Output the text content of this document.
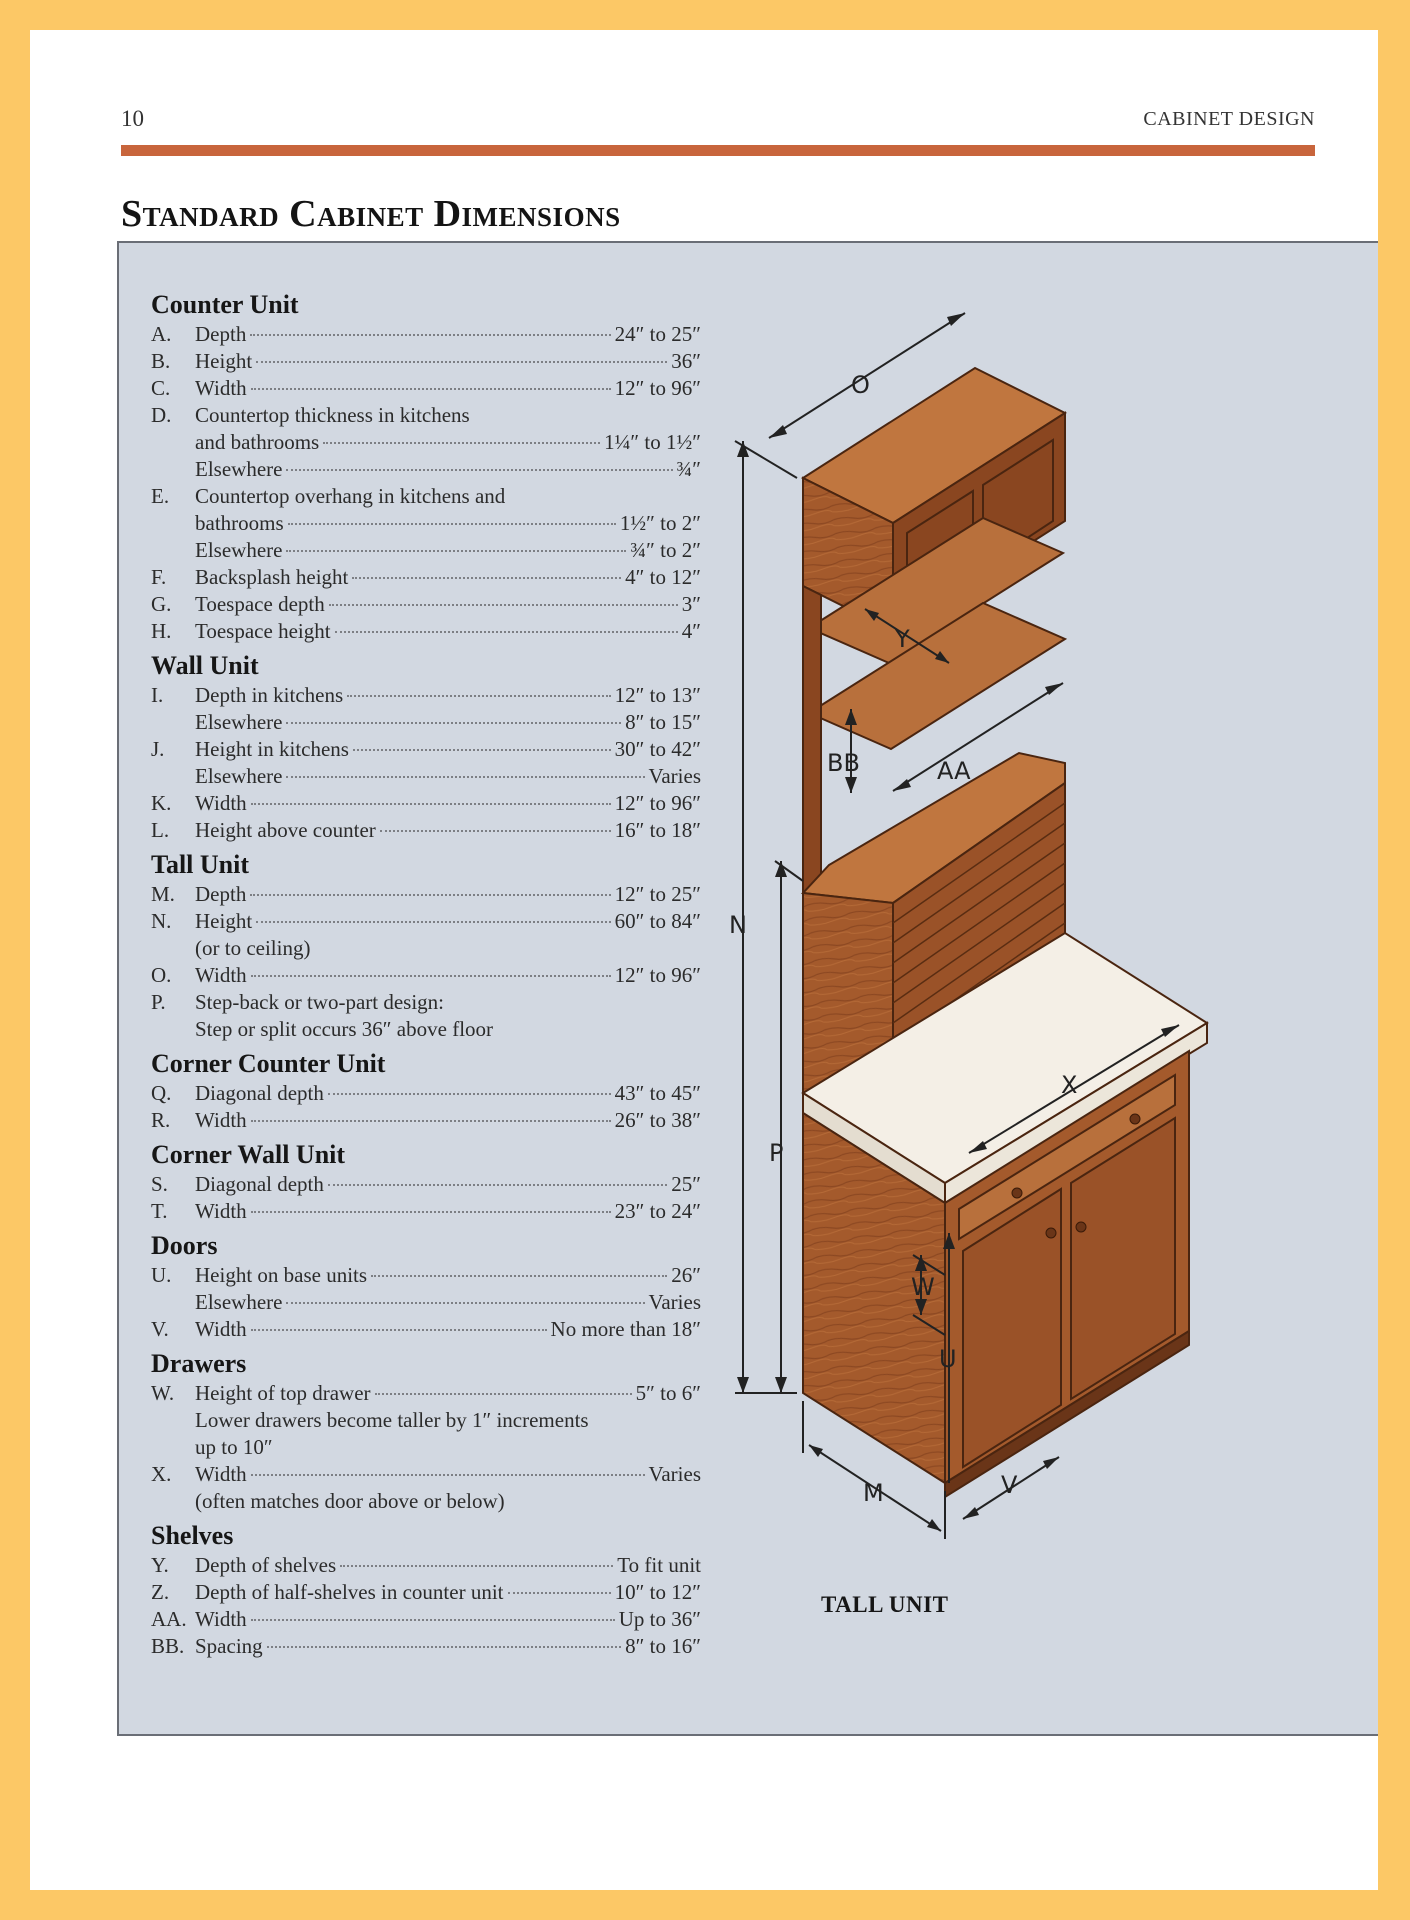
10	CABINET DESIGN
Standard Cabinet Dimensions
Counter Unit
A.	Depth	24″ to 25″
B.	Height	36″
C.	Width	12″ to 96″
D.	Countertop thickness in kitchens
and bathrooms	1¼″ to 1½″
Elsewhere	¾″
E.	Countertop overhang in kitchens and
bathrooms	1½″ to 2″
Elsewhere	¾″ to 2″
F.	Backsplash height	4″ to 12″
G.	Toespace depth	3″
H.	Toespace height	4″
Wall Unit
I.	Depth in kitchens	12″ to 13″
Elsewhere	8″ to 15″
J.	Height in kitchens	30″ to 42″
Elsewhere	Varies
K.	Width	12″ to 96″
L.	Height above counter	16″ to 18″
Tall Unit
M. Depth	12″ to 25″
N.	Height	60″ to 84″
(or to ceiling)
O.	Width	12″ to 96″
P.	Step-back or two-part design:
Step or split occurs 36″ above floor
Corner Counter Unit
Q.	Diagonal depth	43″ to 45″
R.	Width	26″ to 38″
Corner Wall Unit
S.	Diagonal depth	25″
T.	Width	23″ to 24″
Doors
U.	Height on base units	26″
Elsewhere	Varies
V.	Width	No more than 18″
Drawers
W. Height of top drawer	5″ to 6″
Lower drawers become taller by 1″ increments
up to 10″
X.	Width	Varies
(often matches door above or below)
Shelves
Y.	Depth of shelves	To fit unit
Z.	Depth of half-shelves in counter unit	10″ to 12″
AA. Width	Up to 36″
BB. Spacing	8″ to 16″
O
N
P
M	V
U
W
X
Y
AA
BB
TALL UNIT
